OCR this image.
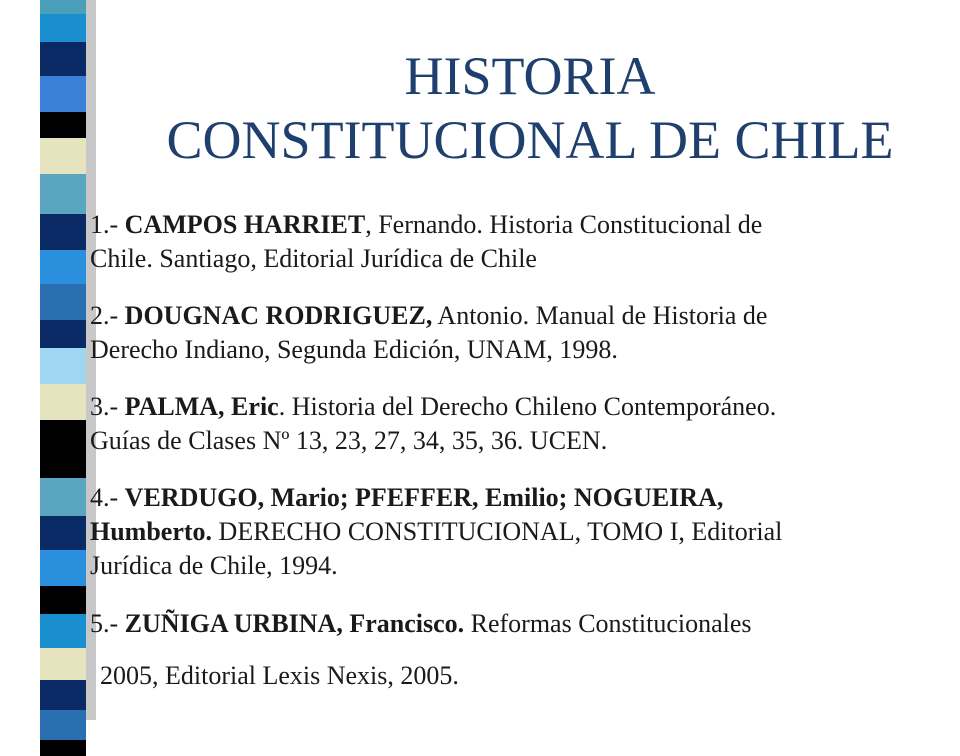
HISTORIA
CONSTITUCIONAL DE CHILE
1.- CAMPOS HARRIET, Fernando. Historia Constitucional de
Chile. Santiago, Editorial Jurídica de Chile
2.- DOUGNAC RODRIGUEZ, Antonio. Manual de Historia de
Derecho Indiano, Segunda Edición, UNAM, 1998.
3.- PALMA, Eric. Historia del Derecho Chileno Contemporáneo.
Guías de Clases Nº 13, 23, 27, 34, 35, 36. UCEN.
4.- VERDUGO, Mario; PFEFFER, Emilio; NOGUEIRA,
Humberto. DERECHO CONSTITUCIONAL, TOMO I, Editorial
Jurídica de Chile, 1994.
5.- ZUÑIGA URBINA, Francisco. Reformas Constitucionales
2005, Editorial Lexis Nexis, 2005.
